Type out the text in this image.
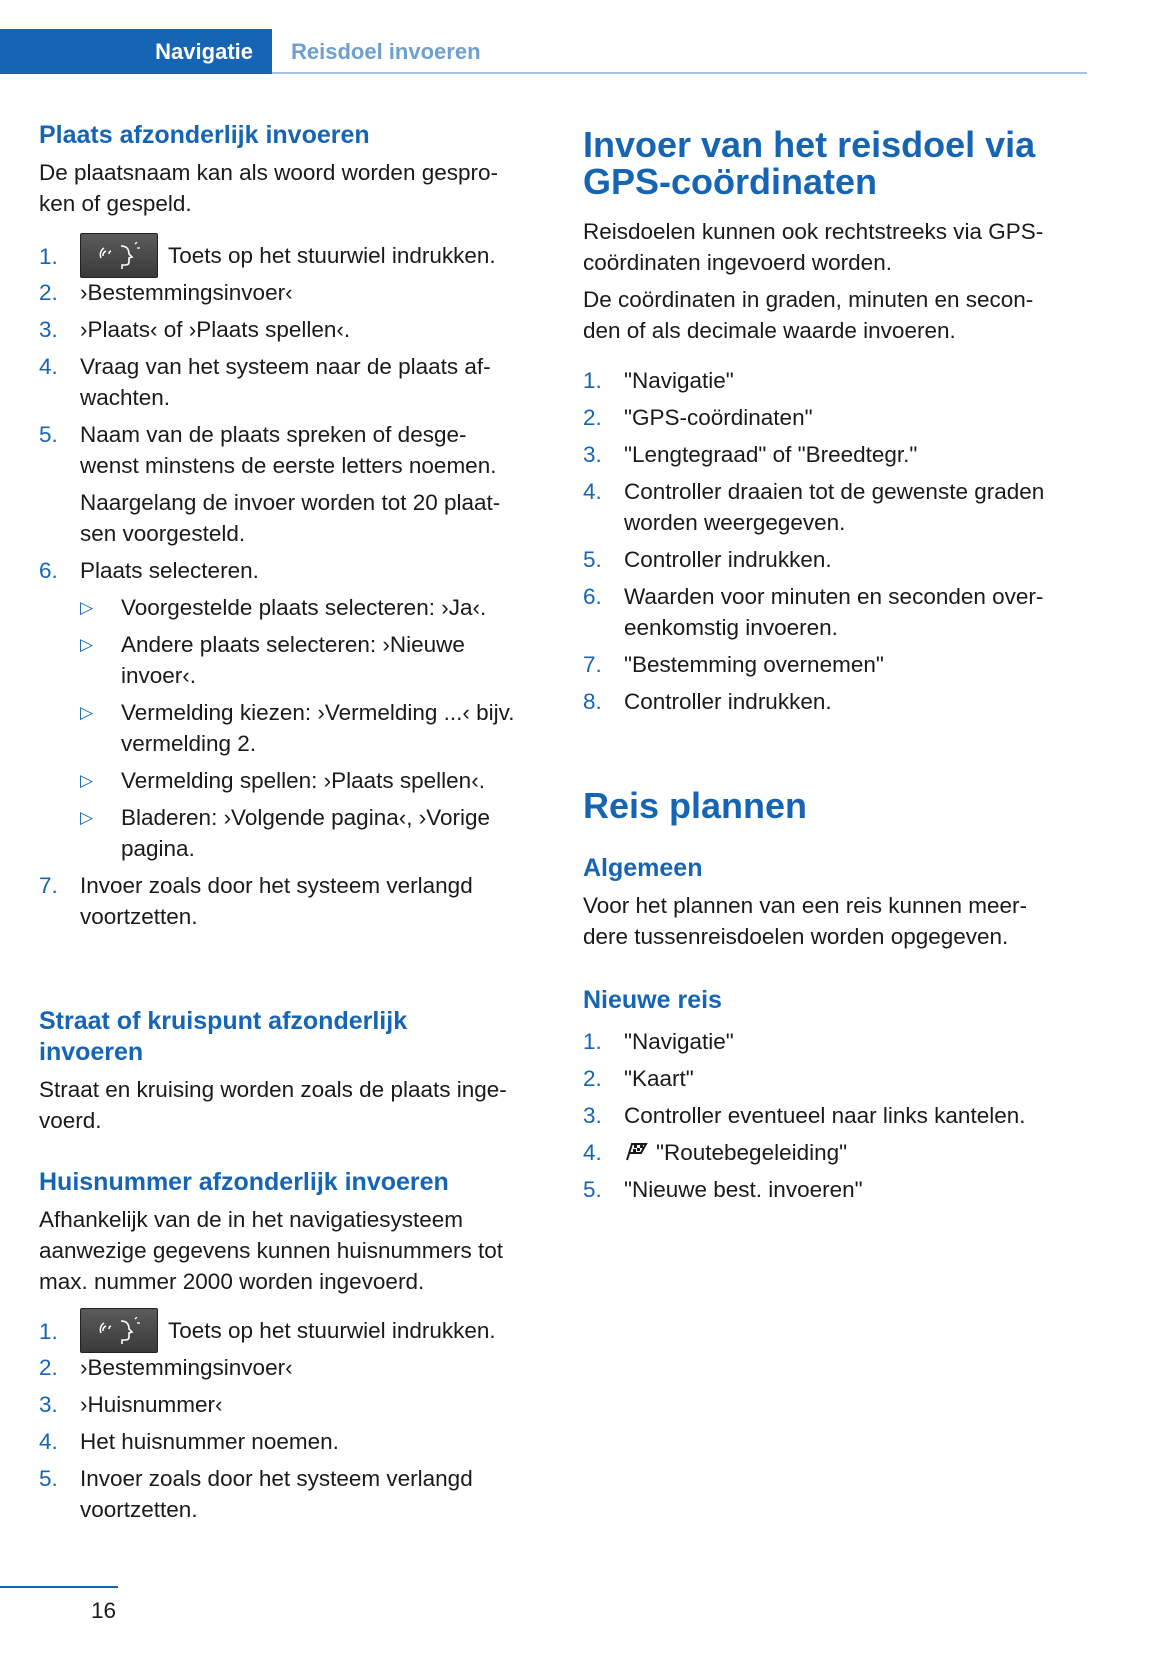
Navigatie	Reisdoel invoeren
Plaats afzonderlijk invoeren

De plaatsnaam kan als woord worden gespro-
ken of gespeld.

1.	Toets op het stuurwiel indrukken.
2. ›Bestemmingsinvoer‹
3. ›Plaats‹ of ›Plaats spellen‹.
4. Vraag van het systeem naar de plaats af-
wachten.
5. Naam van de plaats spreken of desge-
wenst minstens de eerste letters noemen.
Naargelang de invoer worden tot 20 plaat-
sen voorgesteld.
6. Plaats selecteren.
▷ Voorgestelde plaats selecteren: ›Ja‹.
▷ Andere plaats selecteren: ›Nieuwe
invoer‹.
▷ Vermelding kiezen: ›Vermelding ...‹ bijv.
vermelding 2.
▷ Vermelding spellen: ›Plaats spellen‹.
▷ Bladeren: ›Volgende pagina‹, ›Vorige
pagina.
7. Invoer zoals door het systeem verlangd
voortzetten.
Straat of kruispunt afzonderlijk
invoeren

Straat en kruising worden zoals de plaats inge-
voerd.

Huisnummer afzonderlijk invoeren

Afhankelijk van de in het navigatiesysteem
aanwezige gegevens kunnen huisnummers tot
max. nummer 2000 worden ingevoerd.

1.	Toets op het stuurwiel indrukken.
2. ›Bestemmingsinvoer‹
3. ›Huisnummer‹
4. Het huisnummer noemen.
5. Invoer zoals door het systeem verlangd
voortzetten.
Invoer van het reisdoel via
GPS-coördinaten

Reisdoelen kunnen ook rechtstreeks via GPS-
coördinaten ingevoerd worden.

De coördinaten in graden, minuten en secon-
den of als decimale waarde invoeren.

1. "Navigatie"
2. "GPS-coördinaten"
3. "Lengtegraad" of "Breedtegr."
4. Controller draaien tot de gewenste graden
worden weergegeven.
5. Controller indrukken.
6. Waarden voor minuten en seconden over-
eenkomstig invoeren.
7. "Bestemming overnemen"
8. Controller indrukken.
Reis plannen
Algemeen

Voor het plannen van een reis kunnen meer-
dere tussenreisdoelen worden opgegeven.

Nieuwe reis
1. "Navigatie"
2. "Kaart"
3. Controller eventueel naar links kantelen.
4. "Routebegeleiding"
5. "Nieuwe best. invoeren"
16
